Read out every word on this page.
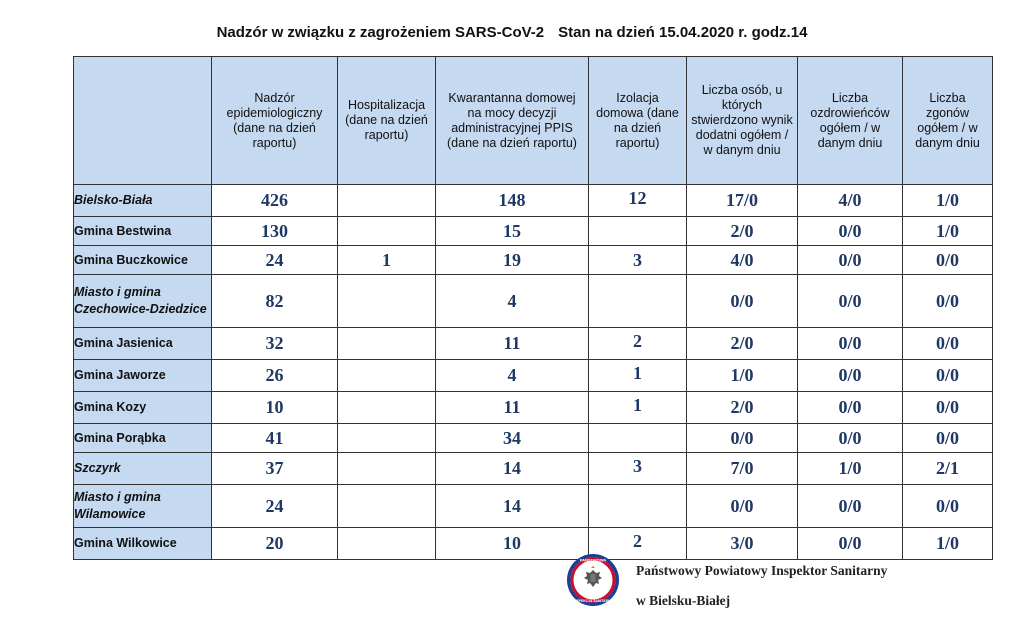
Nadzór w związku z zagrożeniem SARS-CoV-2 Stan na dzień 15.04.2020 r. godz.14
	Nadzór epidemiologiczny (dane na dzień raportu)	Hospitalizacja (dane na dzień raportu)	Kwarantanna domowej na mocy decyzji administracyjnej PPIS (dane na dzień raportu)	Izolacja domowa (dane na dzień raportu)	Liczba osób, u których stwierdzono wynik dodatni ogółem / w danym dniu	Liczba ozdrowieńców ogółem / w danym dniu	Liczba zgonów ogółem / w danym dniu
Bielsko-Biała	426		148	12	17/0	4/0	1/0
Gmina Bestwina	130		15		2/0	0/0	1/0
Gmina Buczkowice	24	1	19	3	4/0	0/0	0/0
Miasto i gmina Czechowice-Dziedzice	82		4		0/0	0/0	0/0
Gmina Jasienica	32		11	2	2/0	0/0	0/0
Gmina Jaworze	26		4	1	1/0	0/0	0/0
Gmina Kozy	10		11	1	2/0	0/0	0/0
Gmina Porąbka	41		34		0/0	0/0	0/0
Szczyrk	37		14	3	7/0	1/0	2/1
Miasto i gmina Wilamowice	24		14		0/0	0/0	0/0
Gmina Wilkowice	20		10	2	3/0	0/0	1/0
PAŃSTWOWA
INSPEKCJA SANITARNA
Państwowy Powiatowy Inspektor Sanitarny
w Bielsku-Białej
